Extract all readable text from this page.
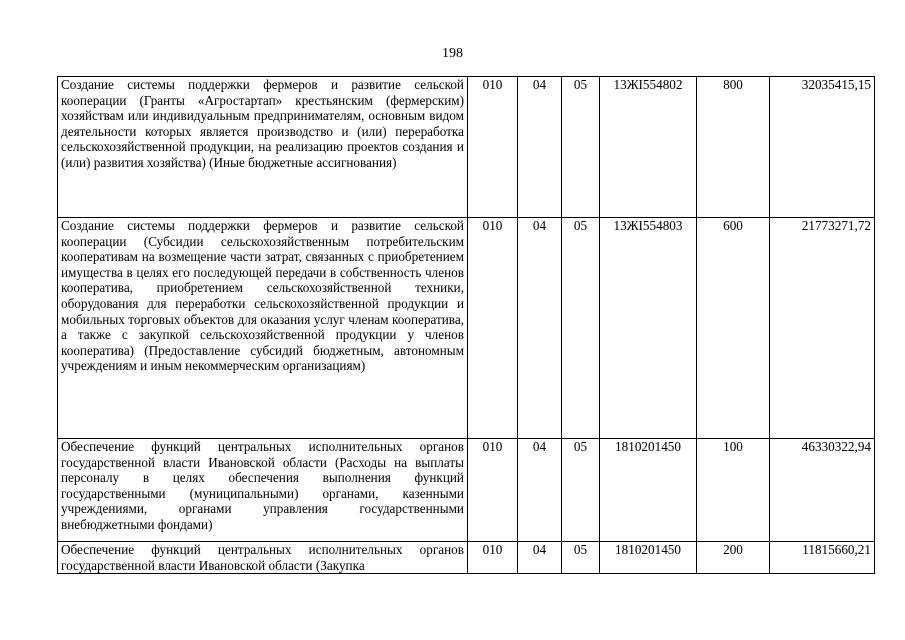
198
Создание системы поддержки фермеров и развитие сельской кооперации (Гранты «Агростартап» крестьянским (фермерским) хозяйствам или индивидуальным предпринимателям, основным видом деятельности которых является производство и (или) переработка сельскохозяйственной продукции, на реализацию проектов создания и (или) развития хозяйства) (Иные бюджетные ассигнования)	010	04	05	13ЖI554802	800	32035415,15
Создание системы поддержки фермеров и развитие сельской кооперации (Субсидии сельскохозяйственным потребительским кооперативам на возмещение части затрат, связанных с приобретением имущества в целях его последующей передачи в собственность членов кооператива, приобретением сельскохозяйственной техники, оборудования для переработки сельскохозяйственной продукции и мобильных торговых объектов для оказания услуг членам кооператива, а также с закупкой сельскохозяйственной продукции у членов кооператива) (Предоставление субсидий бюджетным, автономным учреждениям и иным некоммерческим организациям)	010	04	05	13ЖI554803	600	21773271,72
Обеспечение функций центральных исполнительных органов государственной власти Ивановской области (Расходы на выплаты персоналу в целях обеспечения выполнения функций государственными (муниципальными) органами, казенными учреждениями, органами управления государственными внебюджетными фондами)	010	04	05	1810201450	100	46330322,94
Обеспечение функций центральных исполнительных органов государственной власти Ивановской области (Закупка	010	04	05	1810201450	200	11815660,21
